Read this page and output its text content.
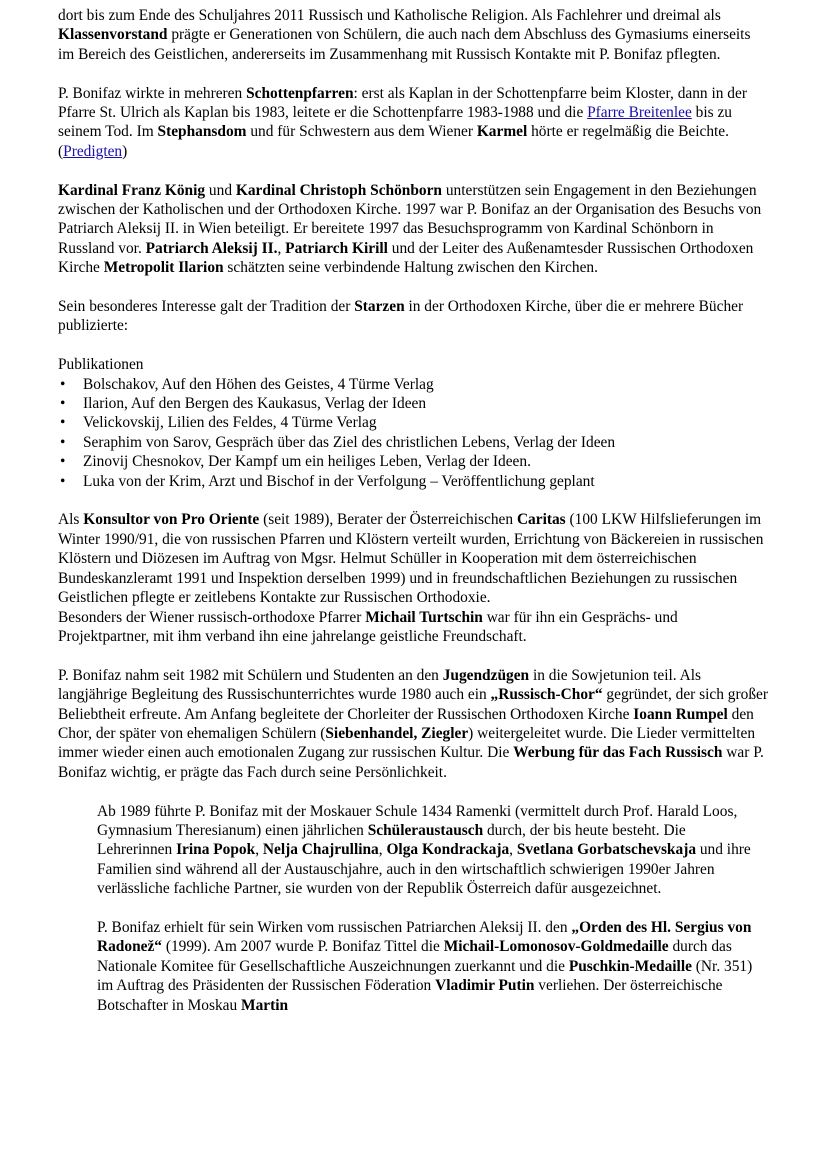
dort bis zum Ende des Schuljahres 2011 Russisch und Katholische Religion. Als Fachlehrer und dreimal als Klassenvorstand prägte er Generationen von Schülern, die auch nach dem Abschluss des Gymasiums einerseits im Bereich des Geistlichen, andererseits im Zusammenhang mit Russisch Kontakte mit P. Bonifaz pflegten.

P. Bonifaz wirkte in mehreren Schottenpfarren: erst als Kaplan in der Schottenpfarre beim Kloster, dann in der Pfarre St. Ulrich als Kaplan bis 1983, leitete er die Schottenpfarre 1983-1988 und die Pfarre Breitenlee bis zu seinem Tod. Im Stephansdom und für Schwestern aus dem Wiener Karmel hörte er regelmäßig die Beichte. (Predigten)

Kardinal Franz König und Kardinal Christoph Schönborn unterstützen sein Engagement in den Beziehungen zwischen der Katholischen und der Orthodoxen Kirche. 1997 war P. Bonifaz an der Organisation des Besuchs von Patriarch Aleksij II. in Wien beteiligt. Er bereitete 1997 das Besuchsprogramm von Kardinal Schönborn in Russland vor. Patriarch Aleksij II., Patriarch Kirill und der Leiter des Außenamtesder Russischen Orthodoxen Kirche Metropolit Ilarion schätzten seine verbindende Haltung zwischen den Kirchen.

Sein besonderes Interesse galt der Tradition der Starzen in der Orthodoxen Kirche, über die er mehrere Bücher publizierte:

Publikationen
• Bolschakov, Auf den Höhen des Geistes, 4 Türme Verlag
• Ilarion, Auf den Bergen des Kaukasus, Verlag der Ideen
• Velickovskij, Lilien des Feldes, 4 Türme Verlag
• Seraphim von Sarov, Gespräch über das Ziel des christlichen Lebens, Verlag der Ideen
• Zinovij Chesnokov, Der Kampf um ein heiliges Leben, Verlag der Ideen.
• Luka von der Krim, Arzt und Bischof in der Verfolgung – Veröffentlichung geplant

Als Konsultor von Pro Oriente (seit 1989), Berater der Österreichischen Caritas (100 LKW Hilfslieferungen im Winter 1990/91, die von russischen Pfarren und Klöstern verteilt wurden, Errichtung von Bäckereien in russischen Klöstern und Diözesen im Auftrag von Mgsr. Helmut Schüller in Kooperation mit dem österreichischen Bundeskanzleramt 1991 und Inspektion derselben 1999) und in freundschaftlichen Beziehungen zu russischen Geistlichen pflegte er zeitlebens Kontakte zur Russischen Orthodoxie.

Besonders der Wiener russisch-orthodoxe Pfarrer Michail Turtschin war für ihn ein Gesprächs- und Projektpartner, mit ihm verband ihn eine jahrelange geistliche Freundschaft.

P. Bonifaz nahm seit 1982 mit Schülern und Studenten an den Jugendzügen in die Sowjetunion teil. Als langjährige Begleitung des Russischunterrichtes wurde 1980 auch ein „Russisch-Chor“ gegründet, der sich großer Beliebtheit erfreute. Am Anfang begleitete der Chorleiter der Russischen Orthodoxen Kirche Ioann Rumpel den Chor, der später von ehemaligen Schülern (Siebenhandel, Ziegler) weitergeleitet wurde. Die Lieder vermittelten immer wieder einen auch emotionalen Zugang zur russischen Kultur. Die Werbung für das Fach Russisch war P. Bonifaz wichtig, er prägte das Fach durch seine Persönlichkeit.

Ab 1989 führte P. Bonifaz mit der Moskauer Schule 1434 Ramenki (vermittelt durch Prof. Harald Loos, Gymnasium Theresianum) einen jährlichen Schüleraustausch durch, der bis heute besteht. Die Lehrerinnen Irina Popok, Nelja Chajrullina, Olga Kondrackaja, Svetlana Gorbatschevskaja und ihre Familien sind während all der Austauschjahre, auch in den wirtschaftlich schwierigen 1990er Jahren verlässliche fachliche Partner, sie wurden von der Republik Österreich dafür ausgezeichnet.

P. Bonifaz erhielt für sein Wirken vom russischen Patriarchen Aleksij II. den „Orden des Hl. Sergius von Radonež“ (1999). Am 2007 wurde P. Bonifaz Tittel die Michail-Lomonosov-Goldmedaille durch das Nationale Komitee für Gesellschaftliche Auszeichnungen zuerkannt und die Puschkin-Medaille (Nr. 351) im Auftrag des Präsidenten der Russischen Föderation Vladimir Putin verliehen. Der österreichische Botschafter in Moskau Martin
